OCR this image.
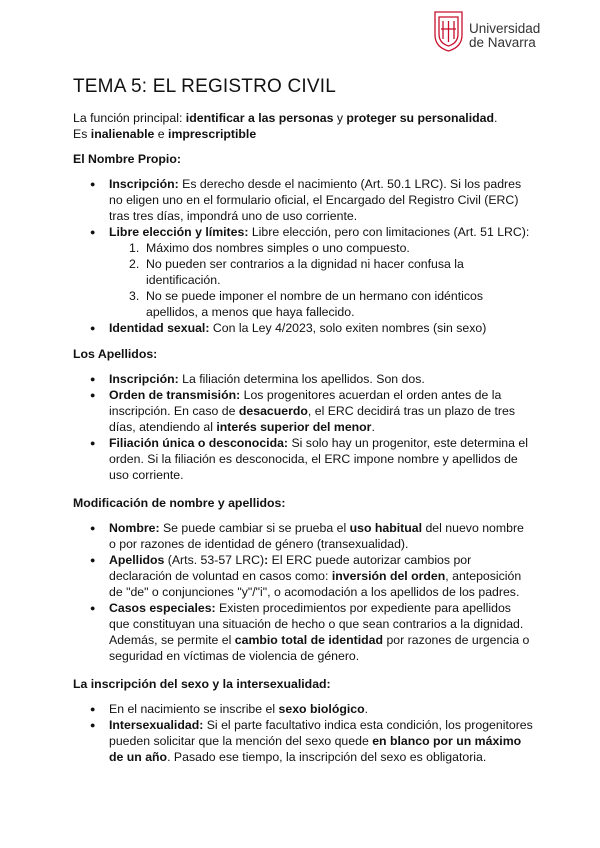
Universidad
de Navarra
TEMA 5: EL REGISTRO CIVIL

La función principal: identificar a las personas y proteger su personalidad.

Es inalienable e imprescriptible

El Nombre Propio:
● Inscripción: Es derecho desde el nacimiento (Art. 50.1 LRC). Si los padres no eligen uno en el formulario oficial, el Encargado del Registro Civil (ERC) tras tres días, impondrá uno de uso corriente.
● Libre elección y límites: Libre elección, pero con limitaciones (Art. 51 LRC):
1. Máximo dos nombres simples o uno compuesto.
2. No pueden ser contrarios a la dignidad ni hacer confusa la identificación.
3. No se puede imponer el nombre de un hermano con idénticos apellidos, a menos que haya fallecido.
● Identidad sexual: Con la Ley 4/2023, solo exiten nombres (sin sexo)
Los Apellidos:
● Inscripción: La filiación determina los apellidos. Son dos.
● Orden de transmisión: Los progenitores acuerdan el orden antes de la inscripción. En caso de desacuerdo, el ERC decidirá tras un plazo de tres días, atendiendo al interés superior del menor.
● Filiación única o desconocida: Si solo hay un progenitor, este determina el orden. Si la filiación es desconocida, el ERC impone nombre y apellidos de uso corriente.
Modificación de nombre y apellidos:
● Nombre: Se puede cambiar si se prueba el uso habitual del nuevo nombre o por razones de identidad de género (transexualidad).
● Apellidos (Arts. 53-57 LRC): El ERC puede autorizar cambios por declaración de voluntad en casos como: inversión del orden, anteposición de "de" o conjunciones "y"/"i", o acomodación a los apellidos de los padres.
● Casos especiales: Existen procedimientos por expediente para apellidos que constituyan una situación de hecho o que sean contrarios a la dignidad. Además, se permite el cambio total de identidad por razones de urgencia o seguridad en víctimas de violencia de género.
La inscripción del sexo y la intersexualidad:
● En el nacimiento se inscribe el sexo biológico.
● Intersexualidad: Si el parte facultativo indica esta condición, los progenitores pueden solicitar que la mención del sexo quede en blanco por un máximo de un año. Pasado ese tiempo, la inscripción del sexo es obligatoria.
